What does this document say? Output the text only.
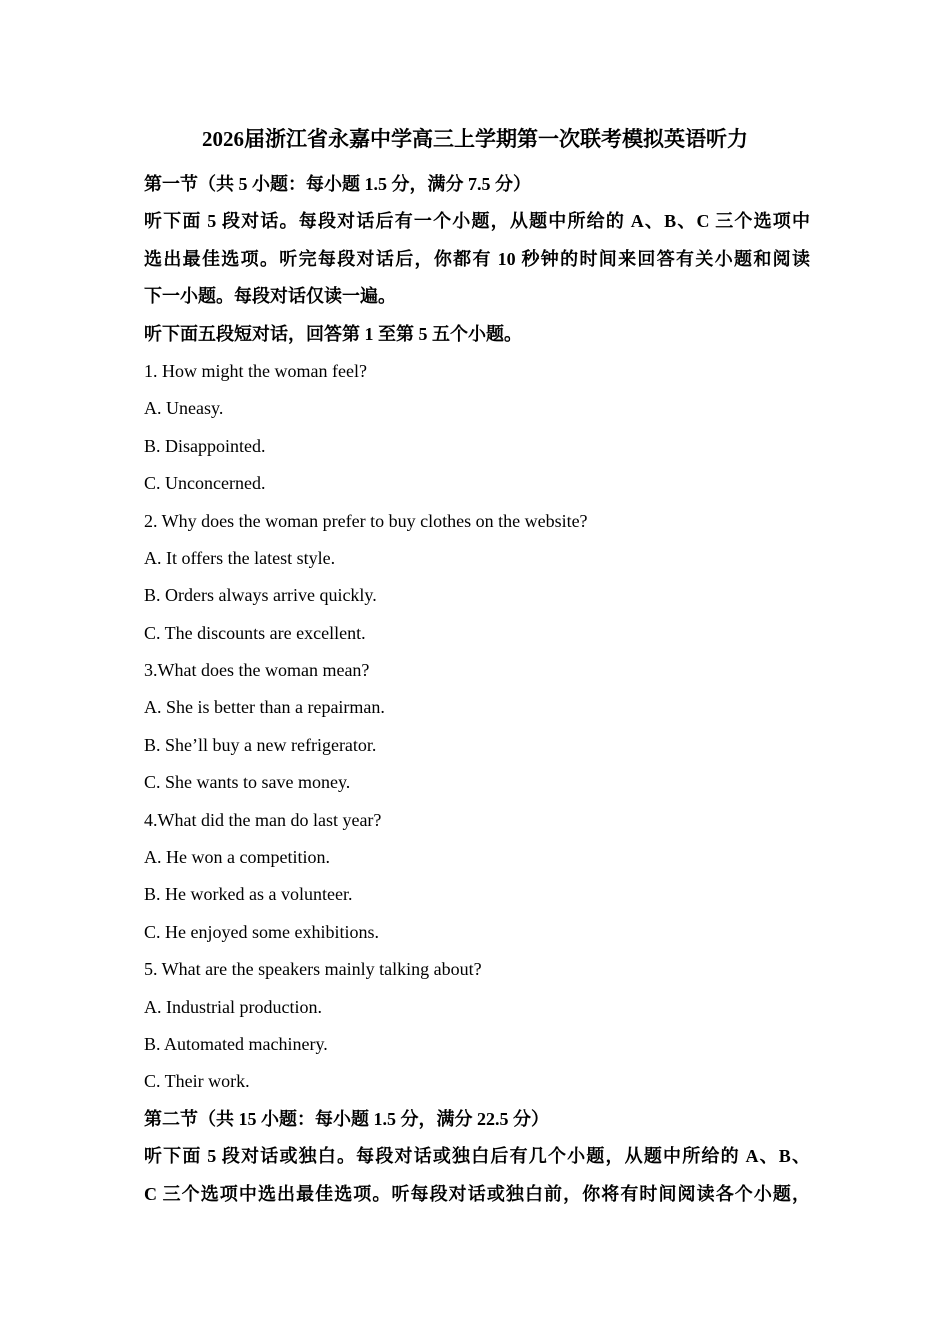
2026届浙江省永嘉中学高三上学期第一次联考模拟英语听力
第一节（共 5 小题：每小题 1.5 分，满分 7.5 分）
听下面 5 段对话。每段对话后有一个小题，从题中所给的 A、B、C 三个选项中
选出最佳选项。听完每段对话后，你都有 10 秒钟的时间来回答有关小题和阅读
下一小题。每段对话仅读一遍。
听下面五段短对话，回答第 1 至第 5 五个小题。
1. How might the woman feel?
A. Uneasy.
B. Disappointed.
C. Unconcerned.
2. Why does the woman prefer to buy clothes on the website?
A. It offers the latest style.
B. Orders always arrive quickly.
C. The discounts are excellent.
3.What does the woman mean?
A. She is better than a repairman.
B. She’ll buy a new refrigerator.
C. She wants to save money.
4.What did the man do last year?
A. He won a competition.
B. He worked as a volunteer.
C. He enjoyed some exhibitions.
5. What are the speakers mainly talking about?
A. Industrial production.
B. Automated machinery.
C. Their work.
第二节（共 15 小题：每小题 1.5 分，满分 22.5 分）
听下面 5 段对话或独白。每段对话或独白后有几个小题，从题中所给的 A、B、
C 三个选项中选出最佳选项。听每段对话或独白前，你将有时间阅读各个小题，
